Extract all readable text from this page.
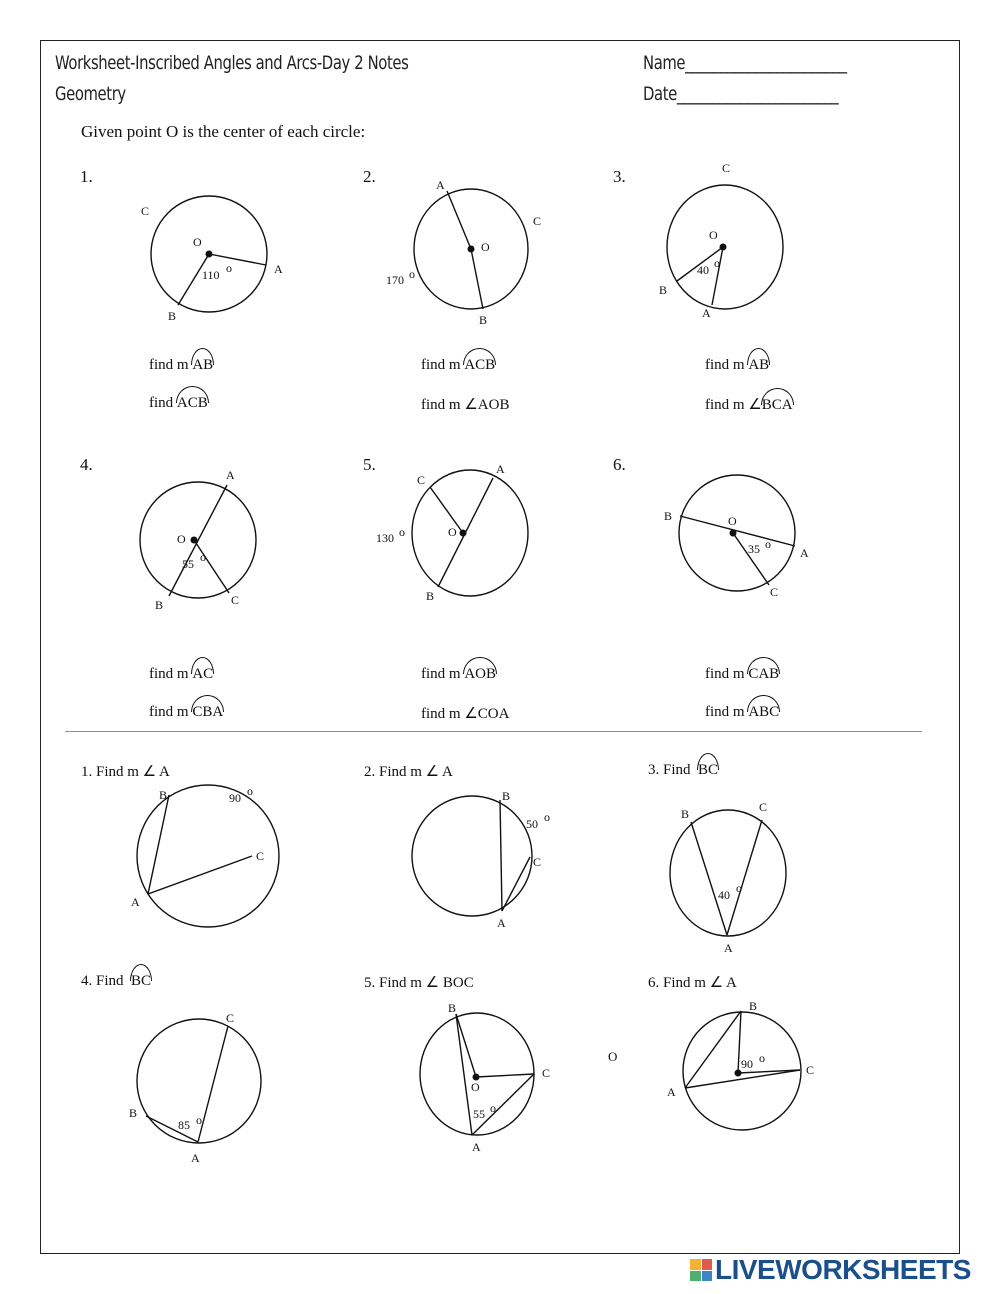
Worksheet-Inscribed Angles and Arcs-Day 2 Notes
Geometry
Name_______________________
Date_______________________
Given point O is the center of each circle:
1.	2.	3.
4.	5.	6.
find m AB
find ACB
find m ACB
find m ∠AOB
find m AB
find m ∠BCA
find m AC
find m CBA
find m AOB
find m ∠COA
find m CAB
find m ABC
1. Find m ∠ A	2. Find m ∠ A	3. Find BC
4. Find BC	5. Find m ∠ BOC	6. Find m ∠ A
O
C
O
A
B
110 o
A
O
C
B
170 o
C
O
40 o
B
A
A
O
55 o
B	C
C
A
O
130 o
B
B	O
35 o
A
C
B	90 o
C
A
B
50 o
C
A
B	C
40 o
A
C
B
85 o
A
B
C
O
55 o
A
B
90 o
C
A
LIVEWORKSHEETS
